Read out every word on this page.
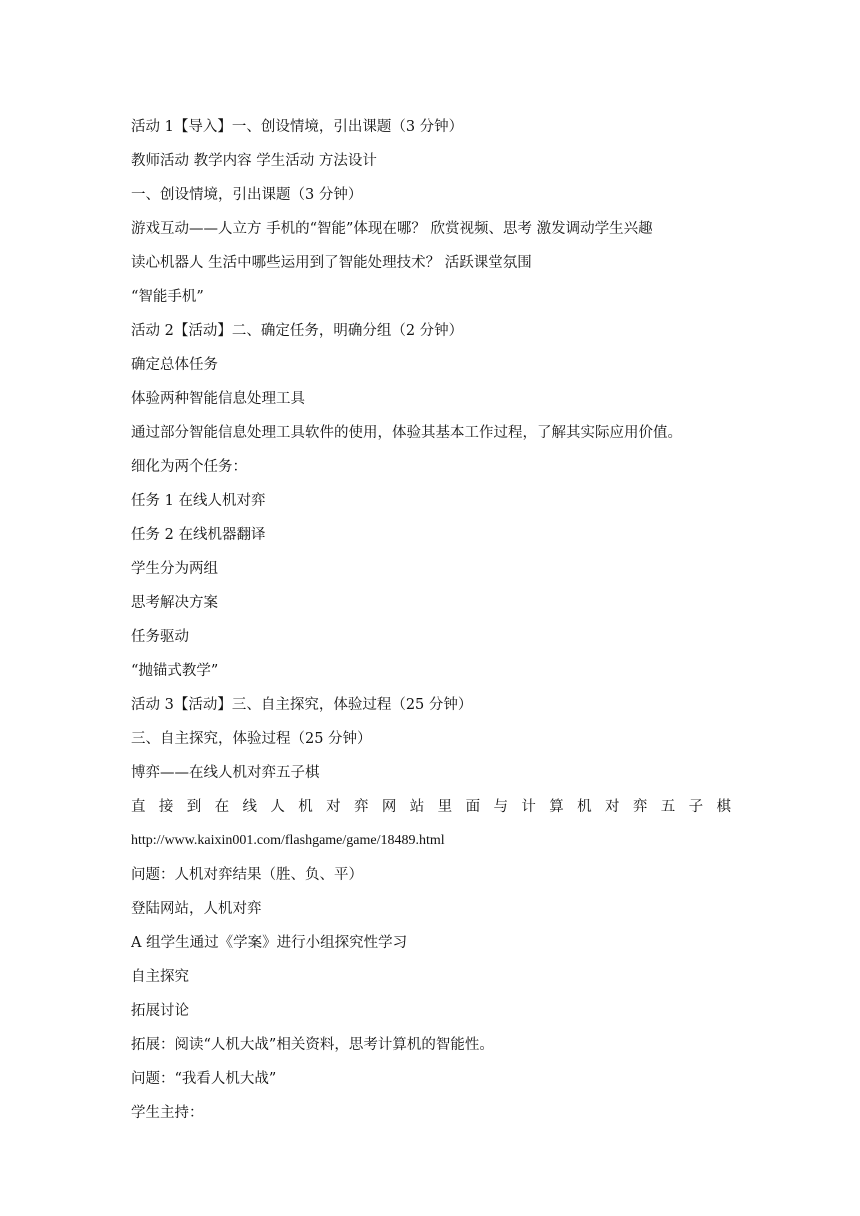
活动 1【导入】一、创设情境，引出课题（3 分钟）
教师活动 教学内容 学生活动 方法设计
一、创设情境，引出课题（3 分钟）
游戏互动——人立方 手机的“智能”体现在哪？ 欣赏视频、思考 激发调动学生兴趣
读心机器人 生活中哪些运用到了智能处理技术？ 活跃课堂氛围
“智能手机”
活动 2【活动】二、确定任务，明确分组（2 分钟）
确定总体任务
体验两种智能信息处理工具
通过部分智能信息处理工具软件的使用，体验其基本工作过程，了解其实际应用价值。
细化为两个任务：
任务 1 在线人机对弈
任务 2 在线机器翻译
学生分为两组
思考解决方案
任务驱动
“抛锚式教学”
活动 3【活动】三、自主探究，体验过程（25 分钟）
三、自主探究，体验过程（25 分钟）
博弈——在线人机对弈五子棋
直 接 到 在 线 人 机 对 弈 网 站 里 面 与 计 算 机 对 弈 五 子 棋
http://www.kaixin001.com/flashgame/game/18489.html
问题：人机对弈结果（胜、负、平）
登陆网站，人机对弈
A 组学生通过《学案》进行小组探究性学习
自主探究
拓展讨论
拓展：阅读“人机大战”相关资料，思考计算机的智能性。
问题：“我看人机大战”
学生主持：
